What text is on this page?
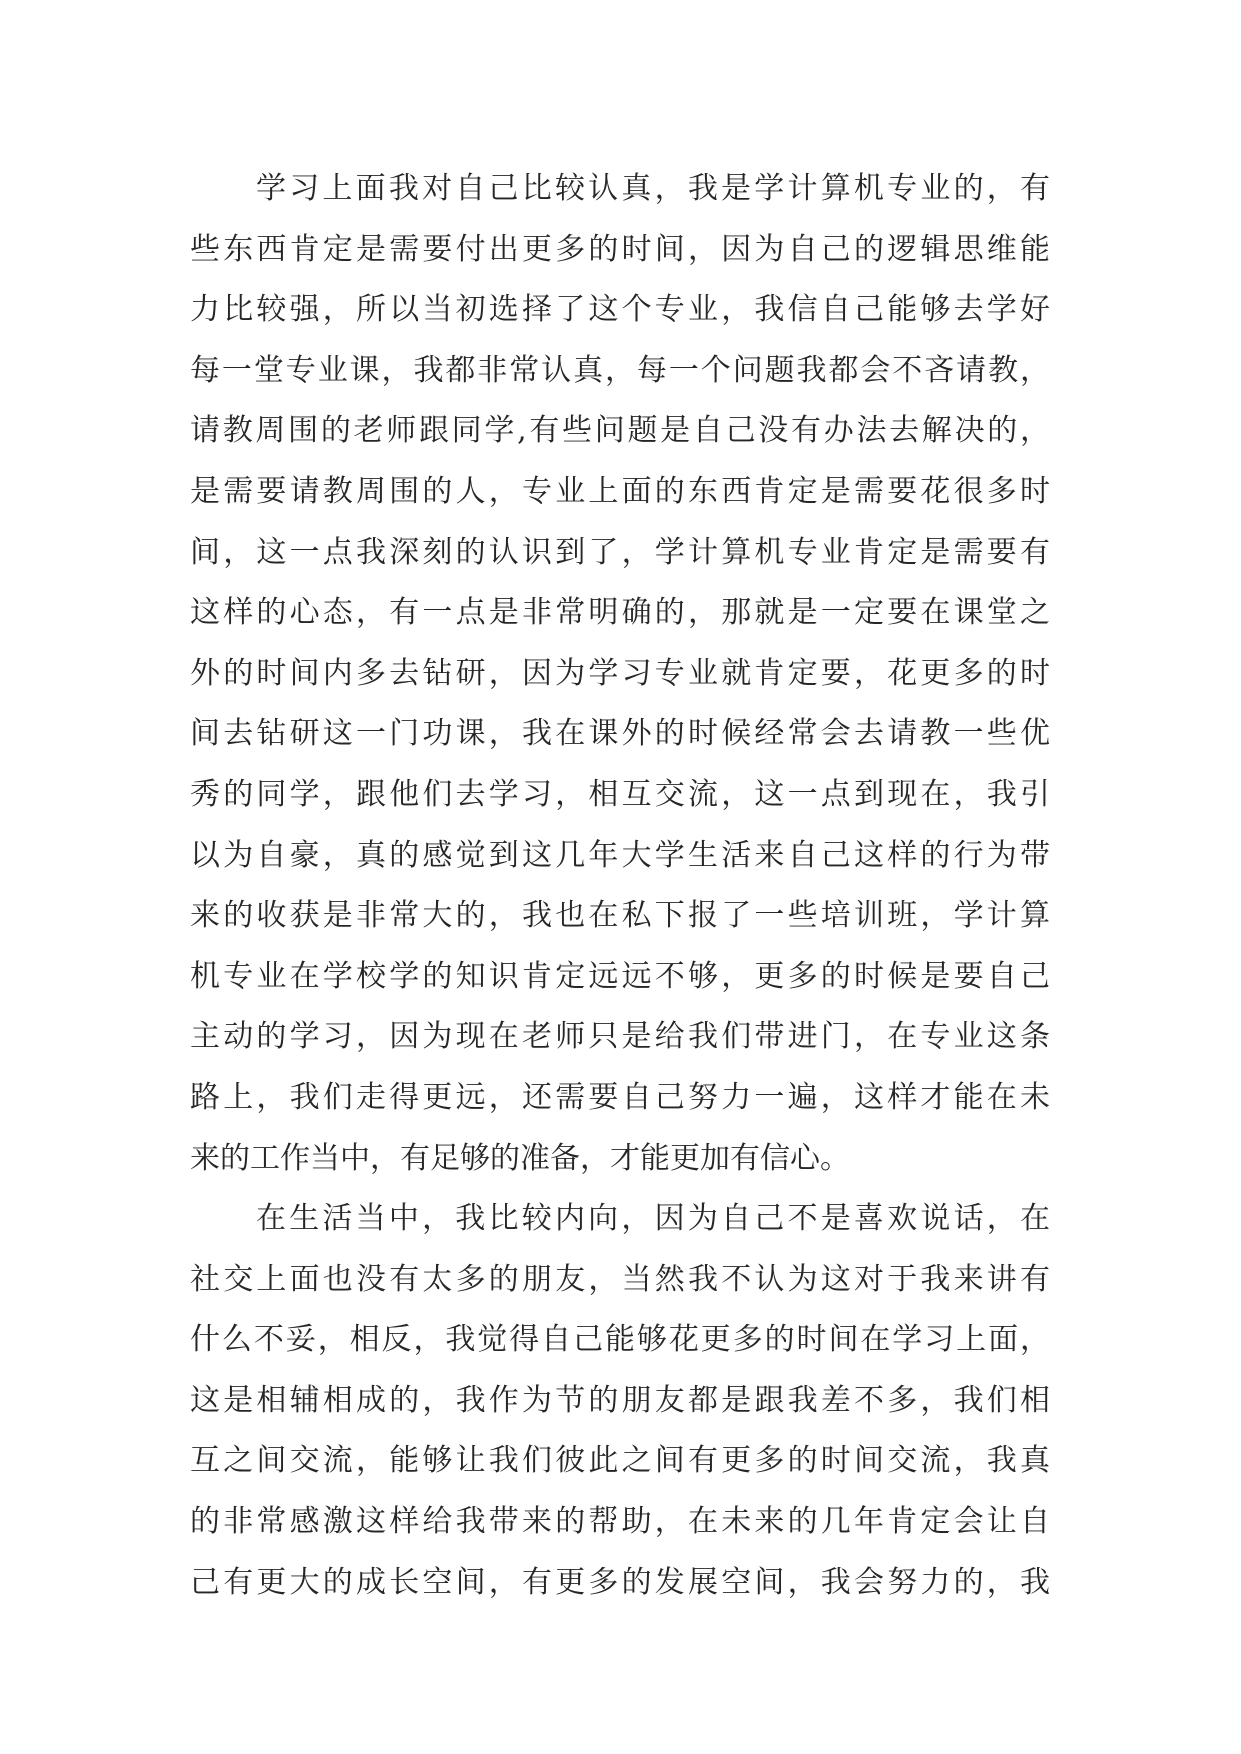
学习上面我对自己比较认真，我是学计算机专业的，有
些东西肯定是需要付出更多的时间，因为自己的逻辑思维能
力比较强，所以当初选择了这个专业，我信自己能够去学好
每一堂专业课，我都非常认真，每一个问题我都会不吝请教，
请教周围的老师跟同学,有些问题是自己没有办法去解决的，
是需要请教周围的人，专业上面的东西肯定是需要花很多时
间，这一点我深刻的认识到了，学计算机专业肯定是需要有
这样的心态，有一点是非常明确的，那就是一定要在课堂之
外的时间内多去钻研，因为学习专业就肯定要，花更多的时
间去钻研这一门功课，我在课外的时候经常会去请教一些优
秀的同学，跟他们去学习，相互交流，这一点到现在，我引
以为自豪，真的感觉到这几年大学生活来自己这样的行为带
来的收获是非常大的，我也在私下报了一些培训班，学计算
机专业在学校学的知识肯定远远不够，更多的时候是要自己
主动的学习，因为现在老师只是给我们带进门，在专业这条
路上，我们走得更远，还需要自己努力一遍，这样才能在未
来的工作当中，有足够的准备，才能更加有信心。
在生活当中，我比较内向，因为自己不是喜欢说话，在
社交上面也没有太多的朋友，当然我不认为这对于我来讲有
什么不妥，相反，我觉得自己能够花更多的时间在学习上面，
这是相辅相成的，我作为节的朋友都是跟我差不多，我们相
互之间交流，能够让我们彼此之间有更多的时间交流，我真
的非常感激这样给我带来的帮助，在未来的几年肯定会让自
己有更大的成长空间，有更多的发展空间，我会努力的，我
